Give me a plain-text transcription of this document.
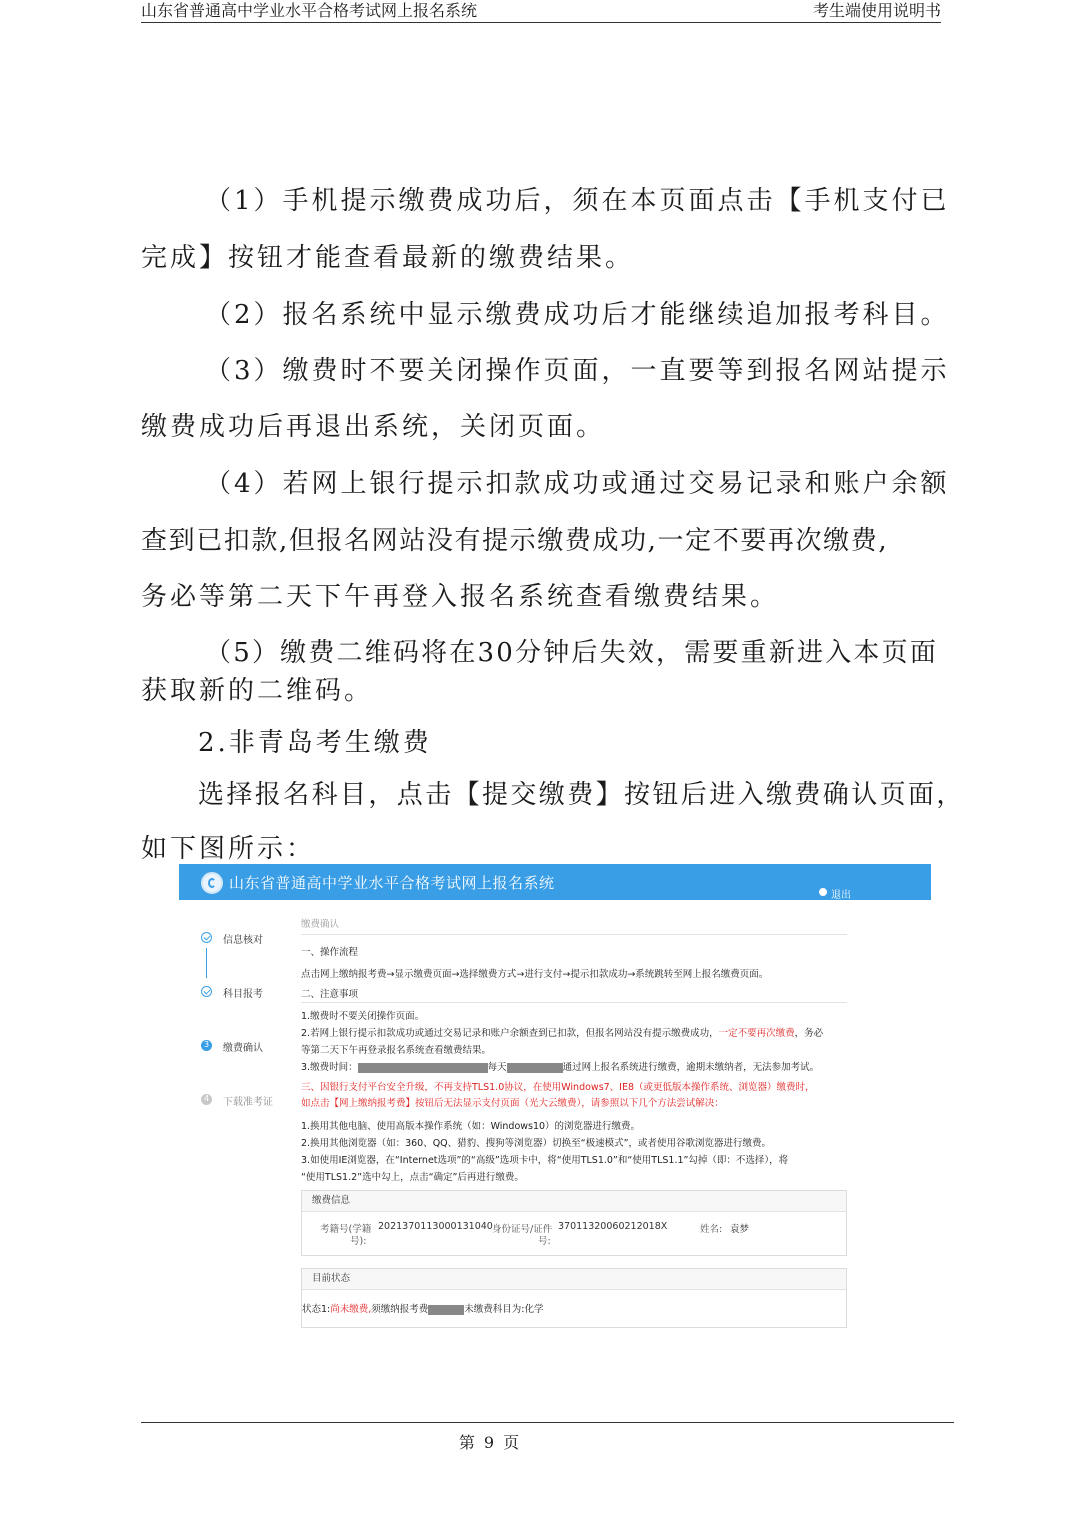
山东省普通高中学业水平合格考试网上报名系统	考生端使用说明书
（1）手机提示缴费成功后，须在本页面点击【手机支付已
完成】按钮才能查看最新的缴费结果。
（2）报名系统中显示缴费成功后才能继续追加报考科目。
（3）缴费时不要关闭操作页面，一直要等到报名网站提示
缴费成功后再退出系统，关闭页面。
（4）若网上银行提示扣款成功或通过交易记录和账户余额
查到已扣款,但报名网站没有提示缴费成功,一定不要再次缴费,
务必等第二天下午再登入报名系统查看缴费结果。
（5）缴费二维码将在30分钟后失效，需要重新进入本页面
获取新的二维码。
2.非青岛考生缴费
选择报名科目，点击【提交缴费】按钮后进入缴费确认页面，
如下图所示：
山东省普通高中学业水平合格考试网上报名系统
退出
信息核对
科目报考
3 缴费确认
4 下载准考证
缴费确认
一、操作流程
点击网上缴纳报考费→显示缴费页面→选择缴费方式→进行支付→提示扣款成功→系统跳转至网上报名缴费页面。
二、注意事项
1.缴费时不要关闭操作页面。
2.若网上银行提示扣款成功或通过交易记录和账户余额查到已扣款，但报名网站没有提示缴费成功，一定不要再次缴费，务必
等第二天下午再登录报名系统查看缴费结果。
3.缴费时间：	每天	通过网上报名系统进行缴费，逾期未缴纳者，无法参加考试。
三、因银行支付平台安全升级，不再支持TLS1.0协议，在使用Windows7、IE8（或更低版本操作系统、浏览器）缴费时，
如点击【网上缴纳报考费】按钮后无法显示支付页面（光大云缴费），请参照以下几个方法尝试解决：
1.换用其他电脑、使用高版本操作系统（如：Windows10）的浏览器进行缴费。
2.换用其他浏览器（如：360、QQ、猎豹、搜狗等浏览器）切换至“极速模式”，或者使用谷歌浏览器进行缴费。
3.如使用IE浏览器，在“Internet选项”的“高级”选项卡中，将“使用TLS1.0”和“使用TLS1.1”勾掉（即：不选择），将
“使用TLS1.2”选中勾上，点击“确定”后再进行缴费。
缴费信息
考籍号(学籍
号):
2021370113000131040 身份证号/证件
号:
37011320060212018X	姓名: 袁梦
目前状态
状态1:尚未缴费,须缴纳报考费	未缴费科目为:化学
第 9 页
